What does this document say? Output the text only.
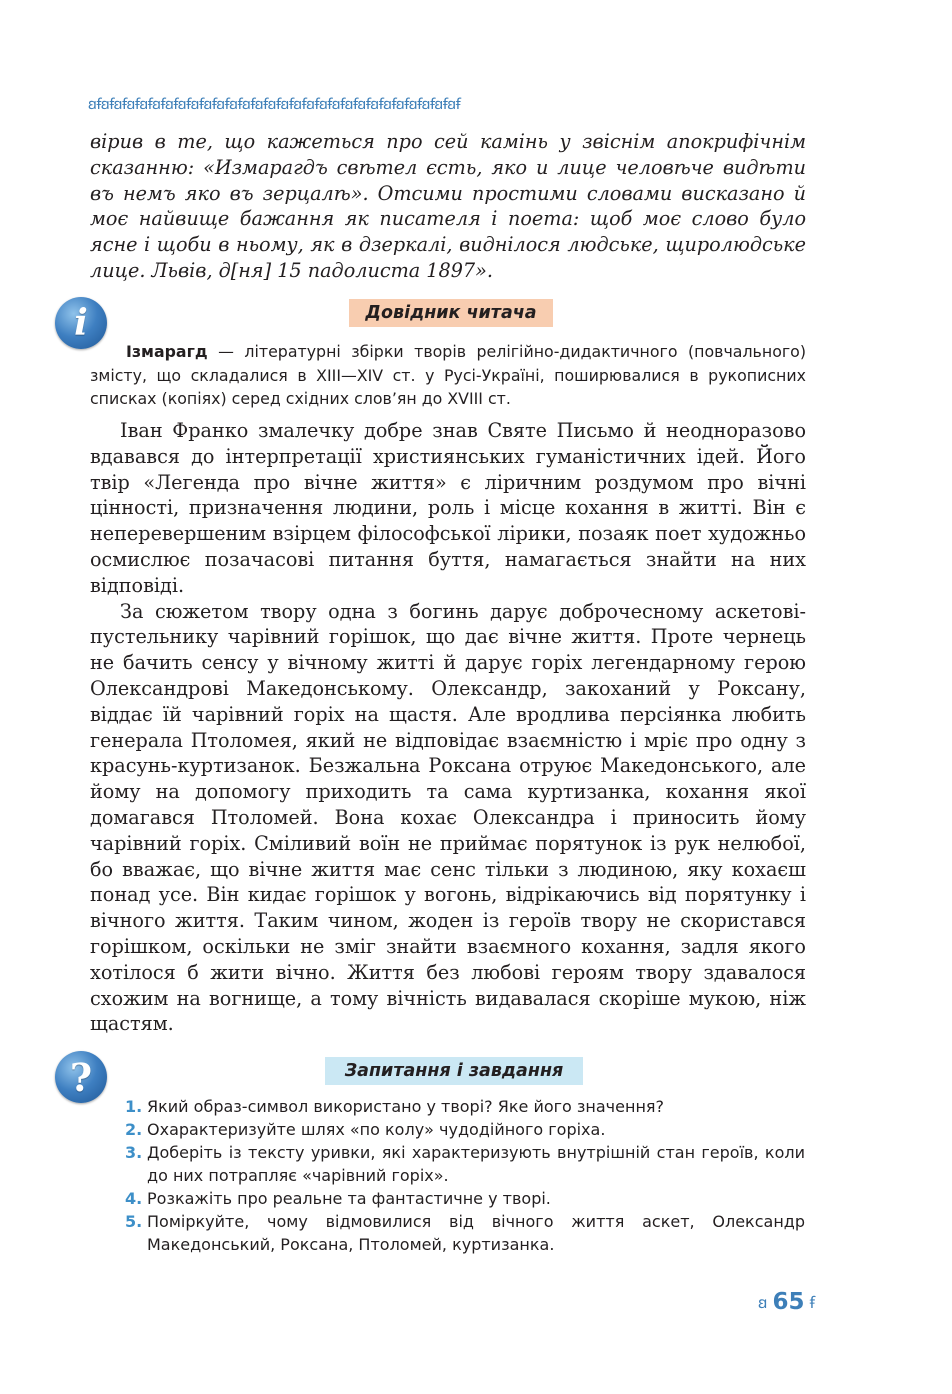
ꞛꞙꞛꞙꞛꞙꞛꞙꞛꞙꞛꞙꞛꞙꞛꞙꞛꞙꞛꞙꞛꞙꞛꞙꞛꞙꞛꞙꞛꞙꞛꞙꞛꞙꞛꞙꞛꞙꞛꞙꞛꞙꞛꞙꞛꞙꞛꞙꞛꞙꞛꞙꞛꞙꞛꞙꞛꞙ

вірив в те, що кажеться про сей камінь у звіснім апокрифічнім сказанню: «Измарагдъ свѣтел єсть, яко и лице человѣче видѣти въ немъ яко въ зерцалѣ». Отсими простими словами висказано й моє найвище бажання як писателя і поета: щоб моє слово було ясне і щоби в ньому, як в дзеркалі, виднілося людське, щиролюдське лице. Львів, д[ня] 15 падолиста 1897».

i	Довідник читача

Ізмарагд — літературні збірки творів релігійно-дидактичного (повчального) змісту, що складалися в XIII—XIV ст. у Русі-Україні, поширювалися в рукописних списках (копіях) серед східних слов’ян до XVIII ст.

Іван Франко змалечку добре знав Святе Письмо й неодноразово вдавався до інтерпретації християнських гуманістичних ідей. Його твір «Легенда про вічне життя» є ліричним роздумом про вічні цінності, призначення людини, роль і місце кохання в житті. Він є неперевершеним взірцем філософської лірики, позаяк поет художньо осмислює позачасові питання буття, намагається знайти на них відповіді.

За сюжетом твору одна з богинь дарує доброчесному аскетові-пустельнику чарівний горішок, що дає вічне життя. Проте чернець не бачить сенсу у вічному житті й дарує горіх легендарному герою Олександрові Македонському. Олександр, закоханий у Роксану, віддає їй чарівний горіх на щастя. Але вродлива персіянка любить генерала Птоломея, який не відповідає взаємністю і мріє про одну з красунь-куртизанок. Безжальна Роксана отруює Македонського, але йому на допомогу приходить та сама куртизанка, кохання якої домагався Птоломей. Вона кохає Олександра і приносить йому чарівний горіх. Сміливий воїн не приймає порятунок із рук нелюбої, бо вважає, що вічне життя має сенс тільки з людиною, яку кохаєш понад усе. Він кидає горішок у вогонь, відрікаючись від порятунку і вічного життя. Таким чином, жоден із героїв твору не скористався горішком, оскільки не зміг знайти взаємного кохання, задля якого хотілося б жити вічно. Життя без любові героям твору здавалося схожим на вогнище, а тому вічність видавалася скоріше мукою, ніж щастям.

?	Запитання і завдання
1. Який образ-символ використано у творі? Яке його значення?
2. Охарактеризуйте шлях «по колу» чудодійного горіха.
3. Доберіть із тексту уривки, які характеризують внутрішній стан героїв, коли до них потрапляє «чарівний горіх».
4. Розкажіть про реальне та фантастичне у творі.
5. Поміркуйте, чому відмовилися від вічного життя аскет, Олександр Македонський, Роксана, Птоломей, куртизанка.
ꞛ 65 ꞙ
